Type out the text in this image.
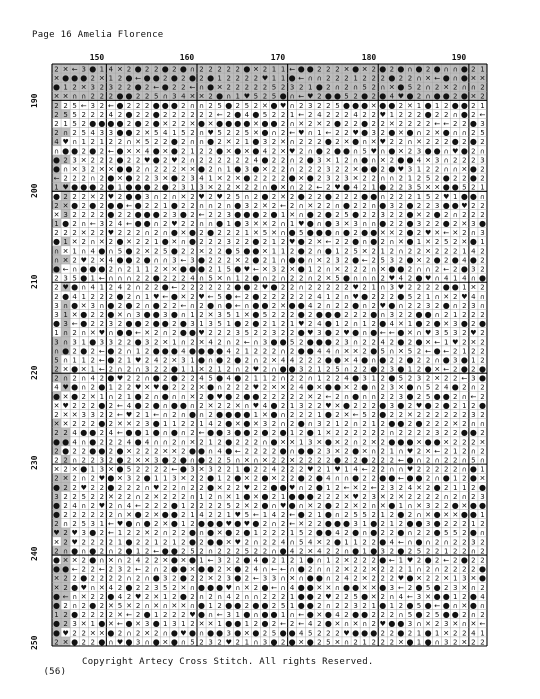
Page 16 Amelia Florence
150	160	170	180	190
190
200
210
220
230
240
250
2 ✕ ← 3 ● 1 4 ✕ 2 ● 2 2 ● 2 ● ∩ 2 2 2 2 2 ● ✕ 2 1 1 ← ● ● 2 2 2 ✕ ● ✕ 2 ● 2 ● ∩ ● 2 ● ∩ ∩ ● 2 1
✕ ● ● ● 2 ✕ 1 2 ● ← ● ● 2 ● 2 ● 2 ● 1 2 2 2 2 ♥ 1 1 ● ← ∩ ∩ 2 2 2 1 2 2 2 ● 2 2 ∩ ✕ ← ● ∩ ● ✕ ✕
● 1 2 ✕ 3 2 3 2 2 ● 2 ← ● 2 2 ← ∩ ● ✕ 2 2 2 2 2 5 2 3 2 1 ● 2 ∩ 2 ∩ 5 2 ∩ ✕ ● 5 2 ∩ 2 ✕ 2 ∩ ∩ 2
✕ ✕ ∩ ∩ 2 2 2 ● ● 2 2 5 ∩ 3 4 ✕ ✕ 2 ● ∩ 1 ♥ 5 2 5 ● ∩ ← ♥ 2 ● ● 5 2 ● 2 ● 4 ♥ ● 2 ∩ ● ● 2 ● ✕ 2
2 2 5 ← 3 2 ← ● 2 2 2 ● ● ● 2 ∩ ∩ 2 5 ● 2 5 2 ✕ ● ♥ ∩ 2 3 2 2 5 ● ● ● ✕ ● ● 2 ✕ 1 ● 1 2 ● ● 2 1
2 5 5 2 2 2 4 2 ● 2 2 ● 2 2 2 2 2 2 ← 2 ● 4 ● 5 2 2 1 ← 2 4 2 2 2 4 2 2 ♥ 1 2 2 2 ● 2 2 ∩ ● 2 ←
2 1 5 2 ● ● ● ● 2 ● 2 ● ✕ 2 2 ✕ ● ✕ ● ● ● ● ✕ ● ● 2 ∩ ✕ 2 ✕ 2 ● 2 2 ● 2 2 ✕ 2 2 2 2 ← ← 2 2 ● 3
2 ∩ 2 5 4 3 3 ● ● 2 ✕ 5 4 1 5 2 ∩ ♥ 5 2 2 5 ✕ ● ∩ 2 ← ♥ ∩ 1 ← 2 2 ♥ ● 3 2 ● ✕ ● ∩ 2 ✕ ● ∩ ∩ 2 5
4 ♥ ∩ 1 2 1 2 2 ∩ ✕ 5 2 2 ● 2 ∩ ∩ ● 2 ✕ 2 1 ● 3 2 ✕ ∩ 2 2 2 ● 2 ✕ ● ∩ ✕ ♥ 2 2 ∩ ✕ 2 2 2 ● 2 ● 2
∩ ● ● 2 ● 2 ← ● ✕ ✕ 4 ● ✕ ● 2 1 2 2 ● ✕ ● ✕ ● 4 2 ✕ ♥ 2 ∩ ● 2 ● ● ∩ 5 ♥ ∩ ● ✕ 2 3 ● ● ∩ ♥ ● 2 ∩
● 2 3 ✕ 2 2 2 ● 2 2 ♥ ● 2 ♥ 2 ∩ 2 2 2 2 2 2 4 ● 2 2 ∩ 2 ● 3 ✕ 1 2 ∩ ● ∩ ✕ 2 ● ● 4 ✕ 3 ∩ 2 2 2 3
● ∩ ✕ 3 2 ✕ ✕ ● ● 2 ∩ 2 2 2 ✕ ✕ ● 2 ∩ 1 ● 3 ● ✕ 2 2 ∩ 2 2 2 3 2 2 ✕ ● ● 2 ● ♥ 3 1 2 2 ∩ ∩ ✕ ● 2
← 2 2 2 ∩ 2 ● ✕ ● 2 2 3 ✕ ● 2 3 4 1 ✕ 2 ✕ ● 2 2 2 2 ● ✕ ● 2 3 2 3 ✕ 2 2 ∩ ∩ 2 1 2 5 2 ● 2 2 ● 2
1 ♥ ● ● ● 2 ● 1 ● ● ● 2 ● 2 3 1 3 ✕ 2 2 ✕ 2 2 ∩ ● ✕ ∩ 2 2 ← 2 ♥ ● 4 2 1 ● 2 2 3 5 ✕ ✕ ● ● 5 2 1
● 2 2 2 ✕ 2 ♥ 2 ● ● 3 ∩ 2 ∩ ✕ 2 ♥ 2 ♥ 2 5 ∩ 2 ● 2 ✕ 2 ● 2 2 ● 2 2 2 ● ● ∩ 2 2 2 1 5 2 ♥ 1 ● ● ∩
2 ✕ ● 2 ● 2 ● ● ← ● 2 2 1 ● 2 2 ∩ ∩ 2 ∩ ● 3 2 ✕ 2 ← 2 ∩ ✕ 2 2 ∩ ● 2 2 ∩ ● 3 2 ● 2 2 3 ● ● ♥ 2 2
✕ 3 2 2 2 2 ● 2 2 ● ● ● 2 3 ● 2 ← 2 2 3 ● ● ● 2 ● 1 ✕ ∩ ● 2 ● 2 5 ● 2 2 3 2 2 ● ✕ 2 ● 2 ∩ 2 2 2
1 ● 2 ∩ ← 3 2 4 ← ● ● ∩ 2 ♥ 2 2 ∩ ∩ ● 1 ● 3 ✕ ✕ 2 ∩ 1 ♥ ● ∩ ● 3 ✕ 3 ∩ ∩ ● 2 2 ● 3 2 2 ● 2 ✕ 3 ●
2 2 2 ✕ 2 2 ♥ 2 2 2 ∩ 2 ∩ ● ✕ ● 2 ● 2 2 2 1 ✕ 5 ✕ ∩ ● 5 ● ● ● ∩ ● 2 ● ● ✕ ✕ 2 ● 2 ♥ ✕ ← ✕ 2 ∩ 3
● 1 ✕ 2 ∩ ✕ 2 ● ✕ 2 2 1 ● ✕ ∩ ● 2 2 2 3 2 2 ● 2 1 2 ♥ ● 2 ✕ ← 2 2 ● ∩ ● 2 ∩ ✕ ● 1 ✕ 2 5 2 ✕ ● 1
∩ ✕ 1 ∩ 4 ● ∩ 5 ● 2 ✕ 2 5 ● 2 2 ✕ 2 2 ● 5 ● ● ✕ 1 1 2 ● 2 ∩ ● 1 2 5 ✕ 2 1 2 ∩ 2 2 ✕ 2 2 2 1 4 2
∩ ✕ 2 ♥ 2 ✕ 4 ● ● 2 ● ∩ ∩ 3 ← 3 ● 2 2 2 ✕ 2 ● 2 1 ∩ ● ● ∩ ✕ 2 3 2 ● ← 2 5 3 2 ● ✕ 2 ● 2 ● 4 ● 2
● ← ∩ ● ● ● 2 ∩ 2 1 1 2 ✕ ✕ ● ● ● 2 1 5 ● ♥ ← ✕ 3 2 ✕ ● 1 2 ∩ ✕ 2 2 2 ∩ ✕ ● ● 2 ∩ ∩ 2 ← 2 ● 3 2
2 3 5 ● 1 ← ∩ ∩ ∩ 2 2 ● 2 2 2 4 ∩ 5 ✕ ∩ 1 2 ● ∩ 2 ∩ 2 2 ∩ 2 ✕ 5 ● ∩ ∩ ∩ 2 ♥ 4 2 ● ♥ ∩ 4 1 4 ∩ ●
2 ♥ ● ∩ 4 1 2 4 2 ∩ 2 2 ● ← 2 2 2 2 2 2 ● ● 2 ♥ ● 2 2 ∩ 2 2 2 2 2 ♥ 2 1 ∩ 3 ♥ 2 2 2 2 ● ● 1 ✕ 2
2 ● 4 1 2 2 2 ● 2 ∩ 1 ♥ ← ● ✕ 2 ♥ ← 5 ● ← 2 ● 2 2 2 2 2 2 4 1 2 ∩ ♥ ● 2 2 2 ● 5 2 1 ∩ ✕ 2 ♥ 4 ∩
3 ∩ ● ✕ 3 ∩ ● 2 ● 2 ∩ ● 2 2 ← ∩ 2 ● ∩ ● ← ∩ ● ● 2 ✕ ● ● 4 2 ∩ 2 2 ● ∩ 2 ♥ ● ∩ 2 2 3 2 ● ∩ 2 3 ∩
3 1 ✕ ● 2 2 ● ✕ ∩ 3 ● ● 3 ● ∩ 1 2 ✕ 3 5 1 ✕ ● 5 2 2 2 ● 2 ● ● ● 2 2 2 ● ∩ 3 2 2 ● ● ∩ 2 1 2 2 2
● 3 ← ● 2 2 3 2 ● ● 2 ● ● 2 ● 3 1 3 5 1 ● 2 ● 2 1 2 1 ♥ 2 4 ● 1 2 ∩ 1 2 ● 4 ✕ 1 ● 2 ● ✕ 3 ● 2 ●
1 ∩ 2 ∩ ✕ ♥ ∩ ● ● ← ✕ 2 ∩ 2 ● ● ♥ 2 2 2 3 5 2 2 3 2 2 ● ♥ 3 ● 2 ♥ ● ∩ ● ← ← ● ✕ ∩ ♥ 3 5 3 2 ♥ 2
3 ∩ 3 1 ● 3 3 2 2 ● 3 2 ✕ 1 ∩ 2 ✕ 4 2 ∩ 2 ← ∩ 3 ● ● 5 2 ● ● ● 2 3 ∩ 2 2 4 2 ● 2 ● ✕ ← 1 ♥ 2 ✕ 2
∩ ● 2 ● 2 ← ● 2 ∩ 1 2 ● ● ● 4 ● ● ● ● 4 2 1 2 2 2 ∩ 2 ● ● 4 4 ∩ ✕ ✕ 2 ● 5 ∩ ✕ 5 2 ← ● ← 2 1 2 2
5 ∩ 1 1 2 ← ● 2 1 ♥ 2 4 2 ✕ 3 1 ● ∩ ● 2 ● 2 ∩ 2 ✕ 4 4 2 2 2 ● ● ✕ 4 ● ∩ ● 2 2 ● 2 2 ∩ ● 3 ● 1 2
2 ✕ ● ✕ 1 ← 2 ∩ 2 ∩ 3 2 2 ● 1 1 ✕ 2 1 2 ∩ 2 ♥ 2 ∩ ● ● 3 2 1 2 5 ∩ 2 2 ● 2 3 ● 1 2 ● ✕ ← 2 ● 2 ●
2 ∩ 2 ∩ 4 2 ● ♥ 2 2 ∩ ● 2 ● 2 2 4 5 ● 4 ● 2 1 1 2 ∩ 2 2 ∩ 1 2 2 4 ● 3 1 2 ● 5 2 3 2 ✕ 2 2 ← 3 ●
4 ♥ ● ∩ 2 ● 1 2 2 ♥ ✕ ♥ ● 2 2 2 ✕ ● ∩ 2 2 2 ♥ 2 ✕ ✕ 2 4 ● ✕ ● ● ✕ 2 ● ∩ 2 3 ✕ ● ∩ 5 2 4 ● 2 ∩ 2
● ✕ ● 2 ✕ 1 ∩ 2 1 ● 2 ∩ ● ∩ ∩ ✕ 2 ● ♥ ● 2 ● ● 2 2 2 2 2 ✕ 2 ← 2 ∩ ● ∩ ∩ 2 2 3 ● 2 5 ● ● 2 ∩ ← 2
✕ ♥ 2 2 2 ● 2 ← 4 ● 2 ● ∩ ● ● ∩ 2 ✕ 2 2 ✕ ∩ ♥ 4 ● 2 1 3 2 2 ♥ ✕ ● 2 2 2 ● 3 ● 2 ♥ ● 2 ● 2 1 2 ●
2 ✕ ✕ 3 3 2 2 ← ♥ 2 1 ← ∩ 2 ∩ ● ∩ 2 ● ● ● ● 1 ✕ ● ∩ 2 2 2 1 ● 2 ✕ ← 5 2 ● 2 2 ✕ 2 2 2 2 2 2 3 2
✕ ✕ 2 2 2 ● 2 ✕ ✕ 2 3 ● 1 1 2 2 1 4 2 ● ✕ ● ✕ 3 2 ∩ 2 ● ∩ 3 2 1 2 ∩ 2 1 2 ● ● 2 ● 2 2 2 ✕ 2 ∩ ∩
2 2 4 ● ● 2 4 ← ● ● 1 ● ∩ ● ∩ 2 ← ● ● 3 ● ● 2 ● 2 ● 1 2 ● 1 ✕ 2 2 2 2 2 2 ∩ 2 2 2 2 3 2 2 ● ● 2
● ● 4 ∩ ● 2 2 2 4 ● 4 ∩ ∩ 2 ∩ ✕ 2 1 2 ● 2 2 2 ∩ ● ✕ ✕ 1 3 ✕ ● ✕ 2 ∩ 2 ✕ 2 ● ● ● ✕ ● ● ✕ 2 2 2 ✕
2 ● 2 2 ● ● 2 ● ✕ 2 2 2 ✕ ✕ 2 ● ● ∩ 4 ● ← 2 2 2 2 ● ∩ ● ● 2 3 ✕ 2 ● ✕ ∩ 2 1 ∩ ♥ 2 ✕ ← 2 1 2 ∩ 2
2 2 ∩ 2 2 3 2 ● 2 ✕ ✕ 3 ● 2 ● ∩ ● 2 2 5 ∩ ✕ ∩ ✕ 2 2 ✕ 2 2 2 2 ● 2 2 ● 2 2 2 ← ● ∩ 2 ∩ 2 2 ∩ 5 ∩
✕ 2 ✕ ● 1 3 ✕ ● 5 2 2 2 2 ← ● 3 ✕ 3 2 2 1 ● 2 2 4 2 2 2 ♥ 2 1 ♥ 1 4 ← 2 2 ∩ ∩ ♥ 2 2 2 2 2 ∩ ● 1
2 ✕ 2 ∩ 2 ♥ ● ✕ 3 2 ● 1 1 3 ✕ 2 2 ● 1 2 ● ✕ 2 ● ✕ 2 2 ● 2 ● 4 ∩ ∩ ● 2 2 ● ● ← ● ● 2 ∩ ● 1 2 ● ✕
● 2 2 ♥ 2 2 ● 2 2 2 ∩ ♥ 2 2 ∩ 2 2 ● ✕ 2 2 ♥ 2 2 ● ● ♥ ∩ 2 ● 1 2 ← ✕ 2 ← 2 3 2 4 ✕ 2 ● 2 1 1 2 ●
3 2 2 5 2 2 ✕ 2 2 ∩ 2 ✕ 2 2 2 ∩ 1 2 ∩ ✕ 1 ● ✕ ● 2 1 ● ● ● 2 2 2 ✕ ♥ 2 3 ✕ 2 ✕ 2 2 2 2 ∩ 2 ∩ 2 3
● 2 4 ∩ 2 ♥ 2 ∩ 4 ← 2 2 2 ● 1 2 2 2 2 5 2 ✕ 2 ● ∩ ♥ ● ∩ ✕ 2 ● 2 2 ✕ 2 ∩ ✕ ● 1 ∩ ✕ 3 2 2 ● ✕ ● ●
● 2 2 2 2 2 2 ∩ ✕ ● 2 ✕ ● ● 2 1 4 2 2 1 ♥ 5 ← 1 4 2 ← ● 2 1 ● ∩ 2 5 5 2 1 2 ● 2 ∩ ✕ ● ✕ ✕ ● ● 1
2 ∩ 2 5 3 1 ← ♥ ● ∩ ● 2 ✕ ● 1 2 ● ● ● ♥ ● ♥ ● 2 ∩ 2 ← ✕ 2 2 ● ● ● 3 1 ● 2 1 2 ● ● 3 ● 2 2 2 1 2
♥ 2 ♥ 3 ● 2 ← 1 2 2 ✕ 2 ∩ 2 2 ● ∩ ● ✕ ● 2 ● 1 2 2 2 1 5 2 ● ● 4 2 ● ∩ ● 2 2 ● ∩ 2 2 ● 5 5 2 ● ∩
✕ 2 ♥ 2 2 2 2 1 ● 2 2 1 2 1 2 ● 2 ● ● ✕ ♥ 2 ∩ 2 2 4 ∩ 5 4 ✕ 2 ● 1 1 2 2 ● 4 ← ∩ ● ∩ 2 ∩ 2 2 3 2
2 ∩ ● ∩ ● 2 ∩ 2 ● 1 2 ← ● ● 2 5 2 ∩ 2 2 2 5 2 2 ∩ ● 4 2 ✕ 4 2 2 ∩ ● 1 ● 3 2 ● 2 5 2 2 1 2 2 ∩ 2
● ✕ ✕ 2 ● ∩ ✕ ∩ 2 4 2 2 ✕ ● ✕ ● 1 ← 3 2 2 ● 4 ● 2 1 2 1 ● ∩ 1 2 ✕ 2 2 2 ● ← 1 ♥ 2 ● 2 ← 2 ● 2 2
● ● ← 2 2 ← 2 3 2 ← 2 ∩ 2 ● ● ✕ ● ● 2 ✕ ● 2 4 ∩ ← ← ∩ ● 2 ∩ ∩ 2 ✕ 2 2 ✕ 2 2 2 1 ∩ 2 ∩ 2 2 2 2 ●
✕ 2 2 ● 2 2 2 2 ∩ 2 ∩ ● 3 2 ● 2 2 ✕ 2 3 ● 2 ← 3 3 ∩ ✕ ∩ ● ● ∩ 2 4 2 ✕ 2 2 2 ♥ ● ✕ 2 2 ✕ 1 3 ✕ ●
✕ 2 ● ♥ ∩ ✕ 4 2 ● 2 2 3 5 2 ✕ ∩ ● ● ● ♥ ∩ ✕ 2 ● ← ∩ 4 ● ● ✕ ✕ ∩ ● ● ✕ ✕ ● 3 ← 2 ● 5 ● 2 3 ✕ ∩ 2
● ← ∩ ✕ 2 2 ● 4 2 ♥ 2 ✕ 1 2 ● 2 ∩ 2 ∩ 4 2 ∩ ∩ 2 2 2 1 ● ● 2 ♥ 2 2 5 ● ✕ 2 ∩ 4 ← 3 ✕ ● ● 1 2 ● 4
● 2 ∩ 2 ● 2 ✕ 5 ✕ 2 ∩ ✕ ∩ ✕ ✕ ∩ ● 1 2 ● ● 2 ● ● 2 5 1 ● ● 2 ∩ 2 2 3 2 1 ● 1 2 ● 5 ● ← ● ∩ ✕ ● ∩
1 2 ● 2 2 2 2 ✕ ← 2 ● 1 2 2 2 ♥ ● ∩ ← 3 1 ● ∩ ● ● 1 ∩ ← ● ✕ ● 4 2 ● ● 2 2 2 ∩ 5 ● 2 5 ● ● 2 ∩ 2
● 2 3 ✕ 1 ● ✕ ← ● ✕ 3 ● 1 3 1 2 ✕ ✕ 1 ● ● 1 2 ● 2 ← 2 ← 4 2 ● ✕ ∩ ✕ ∩ 2 ♥ ● ● 3 ∩ ✕ 2 3 ✕ ∩ ✕ ←
● ♥ 2 2 ✕ ✕ ● 2 ∩ 2 ✕ 2 ∩ ● ♥ ● ∩ ● ● 3 ● ✕ ● 2 5 ● ● 4 5 2 2 2 ♥ ● ● ● 2 2 ● 2 1 ● 1 ✕ 2 2 4 1
2 ✕ ● 2 2 ● ∩ ♥ ● 3 ∩ ● ✕ ● ∩ 5 2 3 2 ♥ 2 1 ∩ 3 ● 2 ● ✕ ● 2 5 ✕ ∩ 2 1 2 2 2 ✕ ● 1 ● ∩ 3 2 ✕ 2 2

(56)

Copyright Artecy Cross Stitch. All rights Reserved.
